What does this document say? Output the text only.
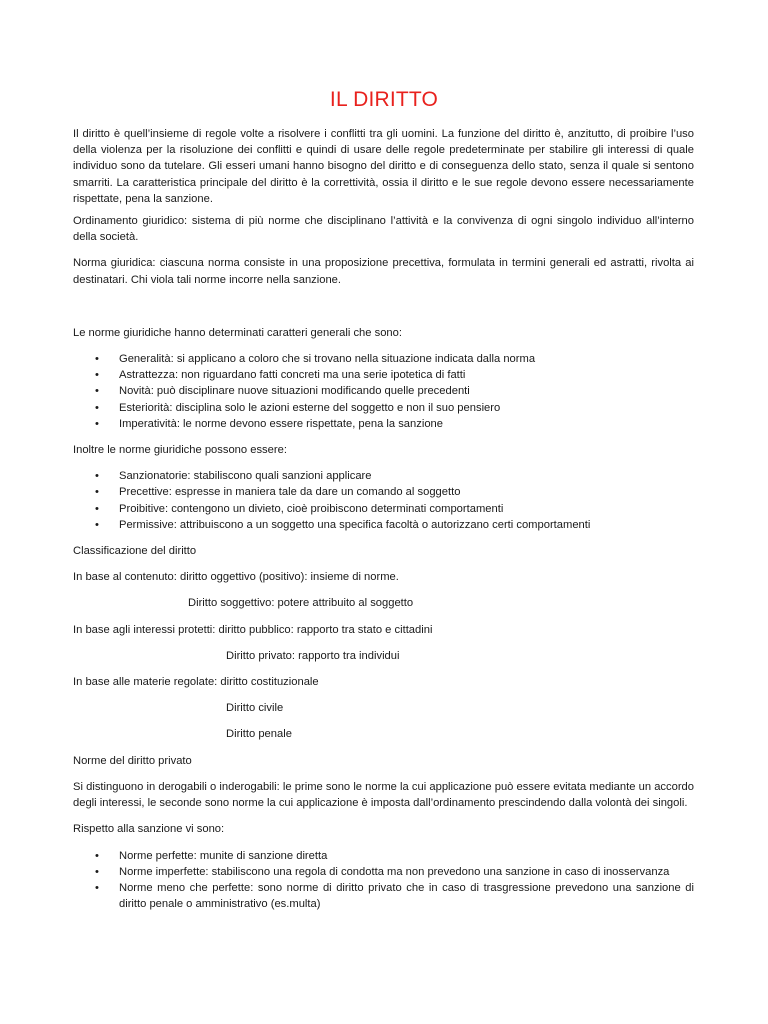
IL DIRITTO

Il diritto è quell’insieme di regole volte a risolvere i conflitti tra gli uomini. La funzione del diritto è, anzitutto, di proibire l’uso della violenza per la risoluzione dei conflitti e quindi di usare delle regole predeterminate per stabilire gli interessi di quale individuo sono da tutelare. Gli esseri umani hanno bisogno del diritto e di conseguenza dello stato, senza il quale si sentono smarriti. La caratteristica principale del diritto è la correttività, ossia il diritto e le sue regole devono essere necessariamente rispettate, pena la sanzione.

Ordinamento giuridico: sistema di più norme che disciplinano l’attività e la convivenza di ogni singolo individuo all’interno della società.

Norma giuridica: ciascuna norma consiste in una proposizione precettiva, formulata in termini generali ed astratti, rivolta ai destinatari. Chi viola tali norme incorre nella sanzione.

Le norme giuridiche hanno determinati caratteri generali che sono:

• Generalità: si applicano a coloro che si trovano nella situazione indicata dalla norma
• Astrattezza: non riguardano fatti concreti ma una serie ipotetica di fatti
• Novità: può disciplinare nuove situazioni modificando quelle precedenti
• Esteriorità: disciplina solo le azioni esterne del soggetto e non il suo pensiero
• Imperatività: le norme devono essere rispettate, pena la sanzione

Inoltre le norme giuridiche possono essere:

• Sanzionatorie: stabiliscono quali sanzioni applicare
• Precettive: espresse in maniera tale da dare un comando al soggetto
• Proibitive: contengono un divieto, cioè proibiscono determinati comportamenti
• Permissive: attribuiscono a un soggetto una specifica facoltà o autorizzano certi comportamenti

Classificazione del diritto

In base al contenuto: diritto oggettivo (positivo): insieme di norme.

Diritto soggettivo: potere attribuito al soggetto

In base agli interessi protetti: diritto pubblico: rapporto tra stato e cittadini

Diritto privato: rapporto tra individui

In base alle materie regolate: diritto costituzionale

Diritto civile

Diritto penale

Norme del diritto privato

Si distinguono in derogabili o inderogabili: le prime sono le norme la cui applicazione può essere evitata mediante un accordo degli interessi, le seconde sono norme la cui applicazione è imposta dall’ordinamento prescindendo dalla volontà dei singoli.

Rispetto alla sanzione vi sono:

• Norme perfette: munite di sanzione diretta
• Norme imperfette: stabiliscono una regola di condotta ma non prevedono una sanzione in caso di inosservanza
• Norme meno che perfette: sono norme di diritto privato che in caso di trasgressione prevedono una sanzione di diritto penale o amministrativo (es.multa)
